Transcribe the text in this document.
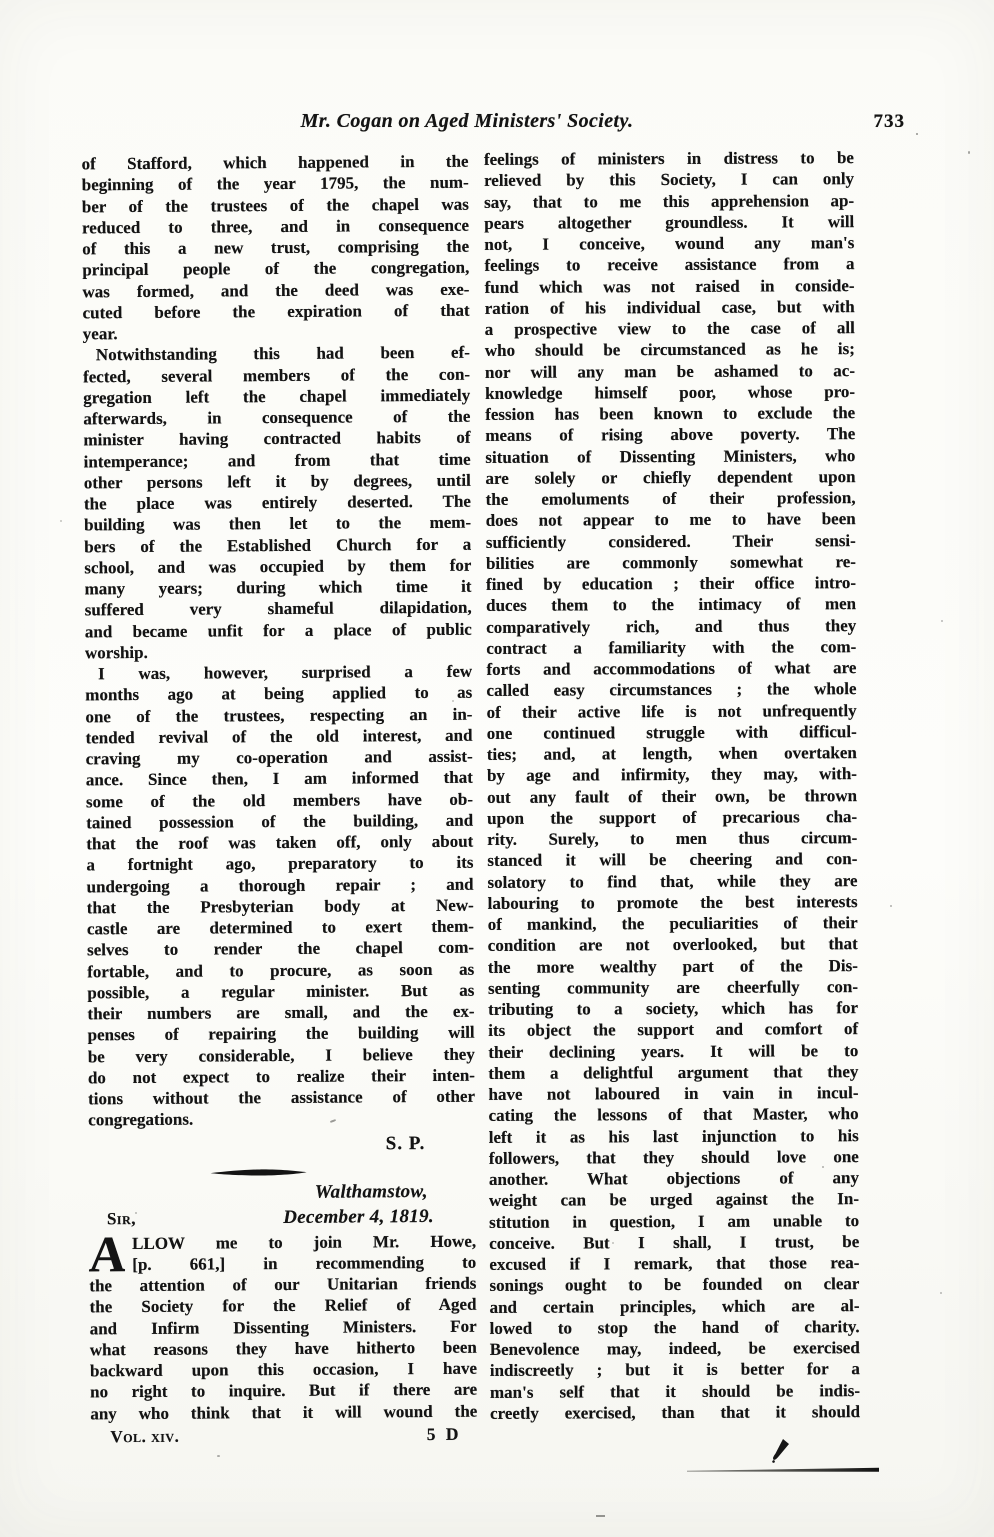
Mr. Cogan on Aged Ministers' Society.	733
of Stafford, which happened in the
beginning of the year 1795, the num-
ber of the trustees of the chapel was
reduced to three, and in consequence
of this a new trust, comprising the
principal people of the congregation,
was formed, and the deed was exe-
cuted before the expiration of that
year.
Notwithstanding this had been ef-
fected, several members of the con-
gregation left the chapel immediately
afterwards, in consequence of the
minister having contracted habits of
intemperance; and from that time
other persons left it by degrees, until
the place was entirely deserted. The
building was then let to the mem-
bers of the Established Church for a
school, and was occupied by them for
many years; during which time it
suffered very shameful dilapidation,
and became unfit for a place of public
worship.
I was, however, surprised a few
months ago at being applied to as
one of the trustees, respecting an in-
tended revival of the old interest, and
craving my co-operation and assist-
ance. Since then, I am informed that
some of the old members have ob-
tained possession of the building, and
that the roof was taken off, only about
a fortnight ago, preparatory to its
undergoing a thorough repair ; and
that the Presbyterian body at New-
castle are determined to exert them-
selves to render the chapel com-
fortable, and to procure, as soon as
possible, a regular minister. But as
their numbers are small, and the ex-
penses of repairing the building will
be very considerable, I believe they
do not expect to realize their inten-
tions without the assistance of other
congregations.
S. P.
Walthamstow,
Sir,	December 4, 1819.
A LLOW me to join Mr. Howe,
[p. 661,] in recommending to
the attention of our Unitarian friends
the Society for the Relief of Aged
and Infirm Dissenting Ministers. For
what reasons they have hitherto been
backward upon this occasion, I have
no right to inquire. But if there are
any who think that it will wound the
Vol. xiv.	5 D
feelings of ministers in distress to be
relieved by this Society, I can only
say, that to me this apprehension ap-
pears altogether groundless. It will
not, I conceive, wound any man's
feelings to receive assistance from a
fund which was not raised in conside-
ration of his individual case, but with
a prospective view to the case of all
who should be circumstanced as he is;
nor will any man be ashamed to ac-
knowledge himself poor, whose pro-
fession has been known to exclude the
means of rising above poverty. The
situation of Dissenting Ministers, who
are solely or chiefly dependent upon
the emoluments of their profession,
does not appear to me to have been
sufficiently considered. Their sensi-
bilities are commonly somewhat re-
fined by education ; their office intro-
duces them to the intimacy of men
comparatively rich, and thus they
contract a familiarity with the com-
forts and accommodations of what are
called easy circumstances ; the whole
of their active life is not unfrequently
one continued struggle with difficul-
ties; and, at length, when overtaken
by age and infirmity, they may, with-
out any fault of their own, be thrown
upon the support of precarious cha-
rity. Surely, to men thus circum-
stanced it will be cheering and con-
solatory to find that, while they are
labouring to promote the best interests
of mankind, the peculiarities of their
condition are not overlooked, but that
the more wealthy part of the Dis-
senting community are cheerfully con-
tributing to a society, which has for
its object the support and comfort of
their declining years. It will be to
them a delightful argument that they
have not laboured in vain in incul-
cating the lessons of that Master, who
left it as his last injunction to his
followers, that they should love one
another. What objections of any
weight can be urged against the In-
stitution in question, I am unable to
conceive. But I shall, I trust, be
excused if I remark, that those rea-
sonings ought to be founded on clear
and certain principles, which are al-
lowed to stop the hand of charity.
Benevolence may, indeed, be exercised
indiscreetly ; but it is better for a
man's self that it should be indis-
creetly exercised, than that it should
